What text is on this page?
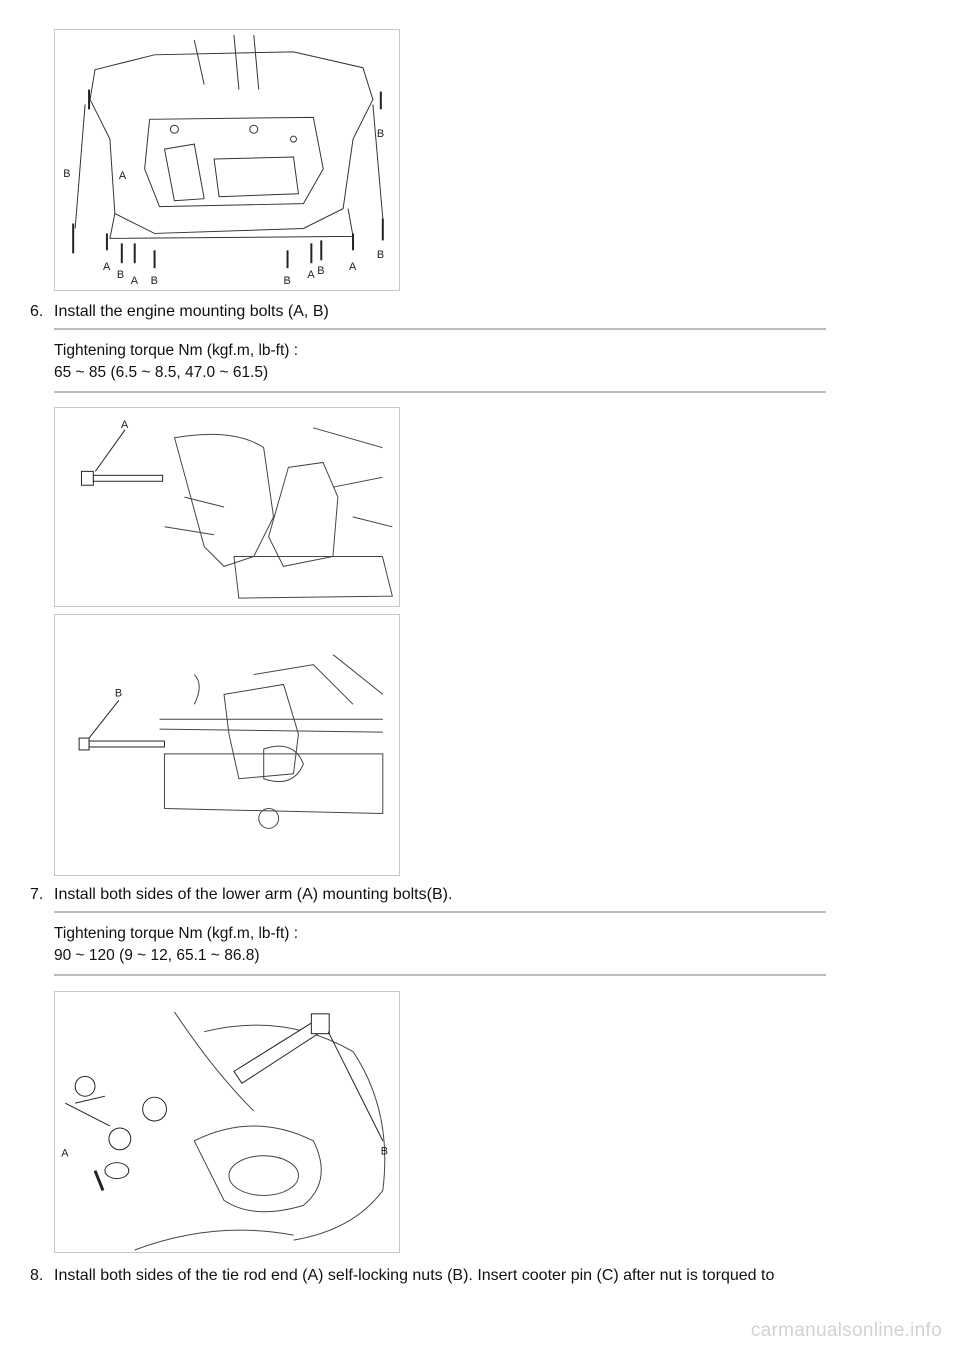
A
B A B	A B
B
A
B
A
B
B
6. Install the engine mounting bolts (A, B)
Tightening torque Nm (kgf.m, lb-ft) :
65 ~ 85 (6.5 ~ 8.5, 47.0 ~ 61.5)
A
B
7. Install both sides of the lower arm (A) mounting bolts(B).
Tightening torque Nm (kgf.m, lb-ft) :
90 ~ 120 (9 ~ 12, 65.1 ~ 86.8)
A	B
8. Install both sides of the tie rod end (A) self-locking nuts (B). Insert cooter pin (C) after nut is torqued to
carmanualsonline.info
